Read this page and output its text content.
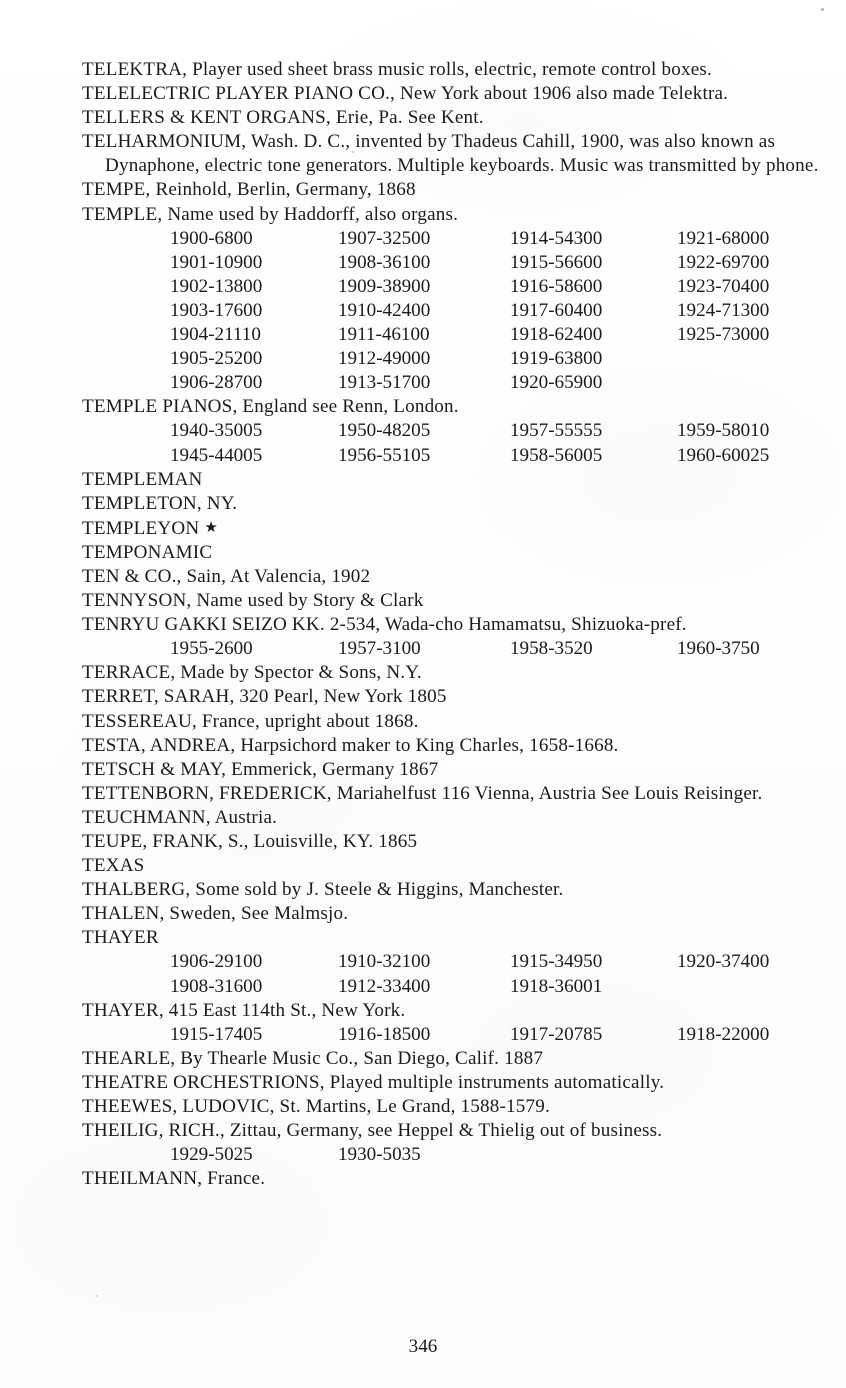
TELEKTRA, Player used sheet brass music rolls, electric, remote control boxes.

TELELECTRIC PLAYER PIANO CO., New York about 1906 also made Telektra.

TELLERS & KENT ORGANS, Erie, Pa. See Kent.

TELHARMONIUM, Wash. D. C., invented by Thadeus Cahill, 1900, was also known as Dynaphone, electric tone generators. Multiple keyboards. Music was transmitted by phone.

TEMPE, Reinhold, Berlin, Germany, 1868

TEMPLE, Name used by Haddorff, also organs.

1900-6800	1907-32500	1914-54300	1921-68000
1901-10900	1908-36100	1915-56600	1922-69700
1902-13800	1909-38900	1916-58600	1923-70400
1903-17600	1910-42400	1917-60400	1924-71300
1904-21110	1911-46100	1918-62400	1925-73000
1905-25200	1912-49000	1919-63800
1906-28700	1913-51700	1920-65900

TEMPLE PIANOS, England see Renn, London.

1940-35005	1950-48205	1957-55555	1959-58010
1945-44005	1956-55105	1958-56005	1960-60025

TEMPLEMAN

TEMPLETON, NY.

TEMPLEYON ★

TEMPONAMIC

TEN & CO., Sain, At Valencia, 1902

TENNYSON, Name used by Story & Clark

TENRYU GAKKI SEIZO KK. 2-534, Wada-cho Hamamatsu, Shizuoka-pref.

1955-2600	1957-3100	1958-3520	1960-3750

TERRACE, Made by Spector & Sons, N.Y.

TERRET, SARAH, 320 Pearl, New York 1805

TESSEREAU, France, upright about 1868.

TESTA, ANDREA, Harpsichord maker to King Charles, 1658-1668.

TETSCH & MAY, Emmerick, Germany 1867

TETTENBORN, FREDERICK, Mariahelfust 116 Vienna, Austria See Louis Reisinger.

TEUCHMANN, Austria.

TEUPE, FRANK, S., Louisville, KY. 1865

TEXAS

THALBERG, Some sold by J. Steele & Higgins, Manchester.

THALEN, Sweden, See Malmsjo.

THAYER

1906-29100	1910-32100	1915-34950	1920-37400
1908-31600	1912-33400	1918-36001

THAYER, 415 East 114th St., New York.

1915-17405	1916-18500	1917-20785	1918-22000

THEARLE, By Thearle Music Co., San Diego, Calif. 1887

THEATRE ORCHESTRIONS, Played multiple instruments automatically.

THEEWES, LUDOVIC, St. Martins, Le Grand, 1588-1579.

THEILIG, RICH., Zittau, Germany, see Heppel & Thielig out of business.

1929-5025	1930-5035

THEILMANN, France.

346
